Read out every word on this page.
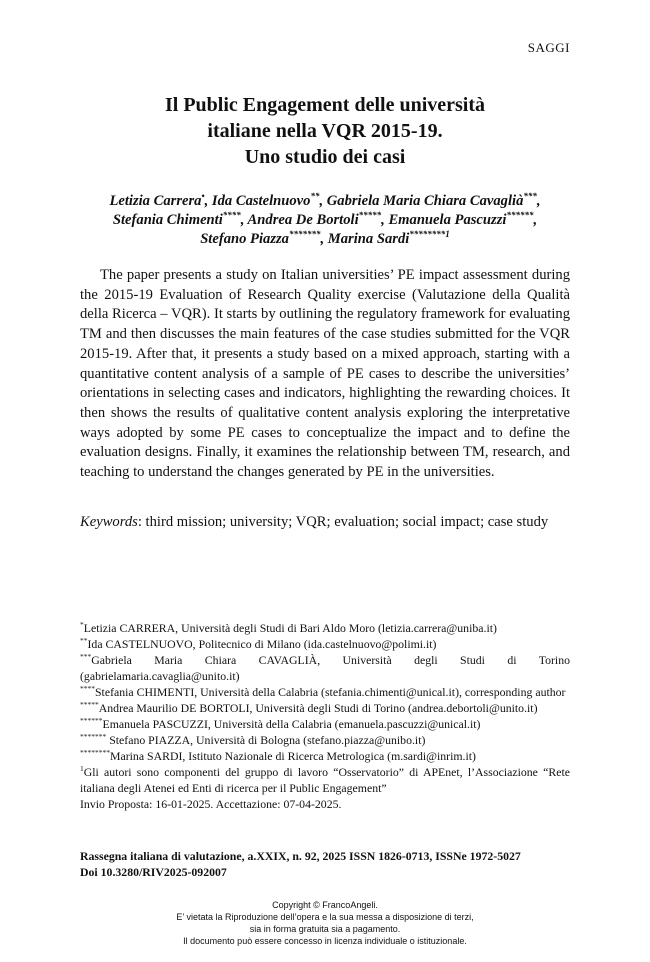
SAGGI
Il Public Engagement delle università
italiane nella VQR 2015-19.
Uno studio dei casi
Letizia Carrera•, Ida Castelnuovo**, Gabriela Maria Chiara Cavaglià***,
Stefania Chimenti****, Andrea De Bortoli*****, Emanuela Pascuzzi******,
Stefano Piazza*******, Marina Sardi$^{********1}$

The paper presents a study on Italian universities’ PE impact assessment during the 2015-19 Evaluation of Research Quality exercise (Valutazione della Qualità della Ricerca – VQR). It starts by outlining the regulatory framework for evaluating TM and then discusses the main features of the case studies submitted for the VQR 2015-19. After that, it presents a study based on a mixed approach, starting with a quantitative content analysis of a sample of PE cases to describe the universities’ orientations in selecting cases and indicators, highlighting the rewarding choices. It then shows the results of qualitative content analysis exploring the interpretative ways adopted by some PE cases to conceptualize the impact and to define the evaluation designs. Finally, it examines the relationship between TM, research, and teaching to understand the changes generated by PE in the universities.

Keywords: third mission; university; VQR; evaluation; social impact; case study
*Letizia CARRERA, Università degli Studi di Bari Aldo Moro (letizia.carrera@uniba.it)
**Ida CASTELNUOVO, Politecnico di Milano (ida.castelnuovo@polimi.it)
***Gabriela Maria Chiara CAVAGLIÀ, Università degli Studi di Torino (gabrielamaria.cavaglia@unito.it)
****Stefania CHIMENTI, Università della Calabria (stefania.chimenti@unical.it), corresponding author
*****Andrea Maurilio DE BORTOLI, Università degli Studi di Torino (andrea.debortoli@unito.it)
******Emanuela PASCUZZI, Università della Calabria (emanuela.pascuzzi@unical.it)
******* Stefano PIAZZA, Università di Bologna (stefano.piazza@unibo.it)
********Marina SARDI, Istituto Nazionale di Ricerca Metrologica (m.sardi@inrim.it)
$^1$Gli autori sono componenti del gruppo di lavoro “Osservatorio” di APEnet, l’Associazione “Rete italiana degli Atenei ed Enti di ricerca per il Public Engagement”
Invio Proposta: 16-01-2025. Accettazione: 07-04-2025.
Rassegna italiana di valutazione, a.XXIX, n. 92, 2025 ISSN 1826-0713, ISSNe 1972-5027
Doi 10.3280/RIV2025-092007
Copyright © FrancoAngeli.
E’ vietata la Riproduzione dell’opera e la sua messa a disposizione di terzi,
sia in forma gratuita sia a pagamento.
Il documento può essere concesso in licenza individuale o istituzionale.
